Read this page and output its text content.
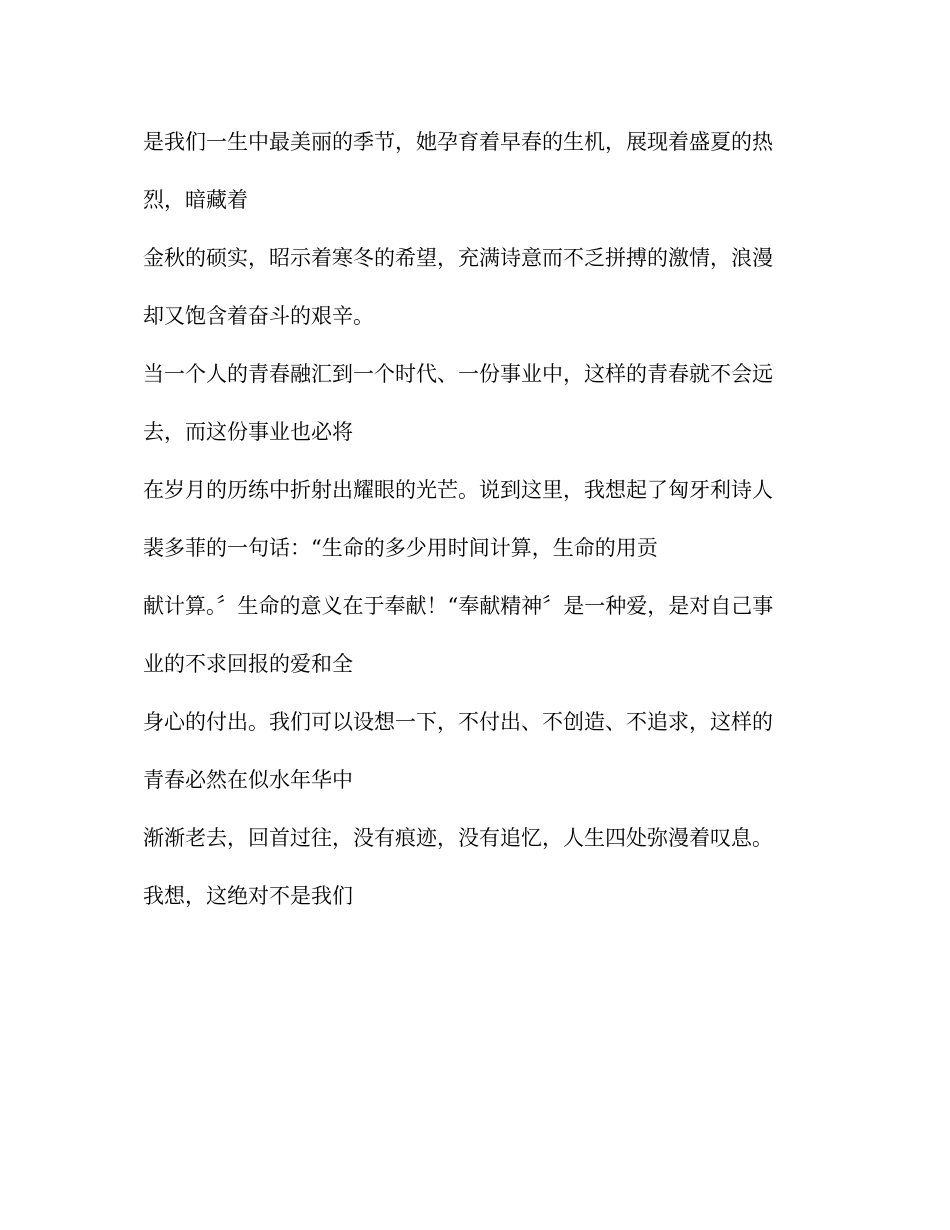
是我们一生中最美丽的季节，她孕育着早春的生机，展现着盛夏的热
烈，暗藏着
金秋的硕实，昭示着寒冬的希望，充满诗意而不乏拼搏的激情，浪漫
却又饱含着奋斗的艰辛。
当一个人的青春融汇到一个时代、一份事业中，这样的青春就不会远
去，而这份事业也必将
在岁月的历练中折射出耀眼的光芒。说到这里，我想起了匈牙利诗人
裴多菲的一句话：“生命的多少用时间计算，生命的用贡
献计算。〞生命的意义在于奉献！“奉献精神〞是一种爱，是对自己事
业的不求回报的爱和全
身心的付出。我们可以设想一下，不付出、不创造、不追求，这样的
青春必然在似水年华中
渐渐老去，回首过往，没有痕迹，没有追忆，人生四处弥漫着叹息。
我想，这绝对不是我们
